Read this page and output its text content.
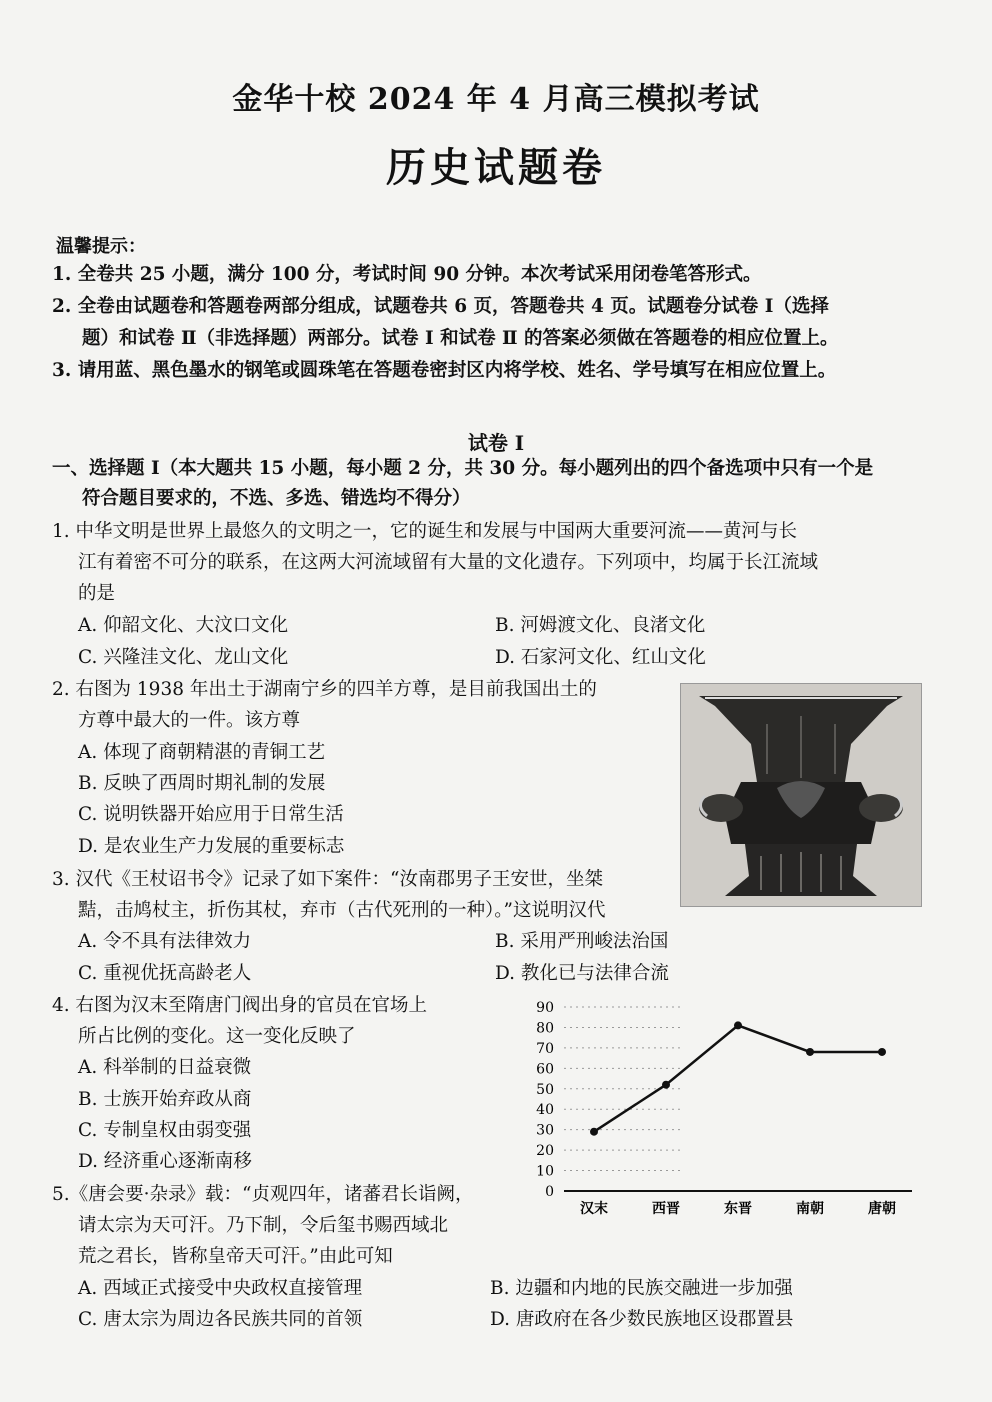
金华十校 2024 年 4 月高三模拟考试
历史试题卷
温馨提示：
1. 全卷共 25 小题，满分 100 分，考试时间 90 分钟。本次考试采用闭卷笔答形式。
2. 全卷由试题卷和答题卷两部分组成，试题卷共 6 页，答题卷共 4 页。试题卷分试卷 Ⅰ（选择
题）和试卷 Ⅱ（非选择题）两部分。试卷 Ⅰ 和试卷 Ⅱ 的答案必须做在答题卷的相应位置上。
3. 请用蓝、黑色墨水的钢笔或圆珠笔在答题卷密封区内将学校、姓名、学号填写在相应位置上。
试卷 Ⅰ
一、选择题 Ⅰ（本大题共 15 小题，每小题 2 分，共 30 分。每小题列出的四个备选项中只有一个是
符合题目要求的，不选、多选、错选均不得分）
1. 中华文明是世界上最悠久的文明之一，它的诞生和发展与中国两大重要河流——黄河与长
江有着密不可分的联系，在这两大河流域留有大量的文化遗存。下列项中，均属于长江流域
的是
A. 仰韶文化、大汶口文化	B. 河姆渡文化、良渚文化
C. 兴隆洼文化、龙山文化	D. 石家河文化、红山文化
2. 右图为 1938 年出土于湖南宁乡的四羊方尊，是目前我国出土的
方尊中最大的一件。该方尊
A. 体现了商朝精湛的青铜工艺
B. 反映了西周时期礼制的发展
C. 说明铁器开始应用于日常生活
D. 是农业生产力发展的重要标志
3. 汉代《王杖诏书令》记录了如下案件：“汝南郡男子王安世，坐桀
黠，击鸠杖主，折伤其杖，弃市（古代死刑的一种）。”这说明汉代
A. 令不具有法律效力	B. 采用严刑峻法治国
C. 重视优抚高龄老人	D. 教化已与法律合流
4. 右图为汉末至隋唐门阀出身的官员在官场上
所占比例的变化。这一变化反映了
A. 科举制的日益衰微
B. 士族开始弃政从商
C. 专制皇权由弱变强
D. 经济重心逐渐南移
0
10
20
30
40
50
60
70
80
90
汉末	西晋	东晋	南朝	唐朝
5.《唐会要·杂录》载：“贞观四年，诸蕃君长诣阙，
请太宗为天可汗。乃下制，令后玺书赐西域北
荒之君长，皆称皇帝天可汗。”由此可知
A. 西域正式接受中央政权直接管理	B. 边疆和内地的民族交融进一步加强
C. 唐太宗为周边各民族共同的首领	D. 唐政府在各少数民族地区设郡置县
